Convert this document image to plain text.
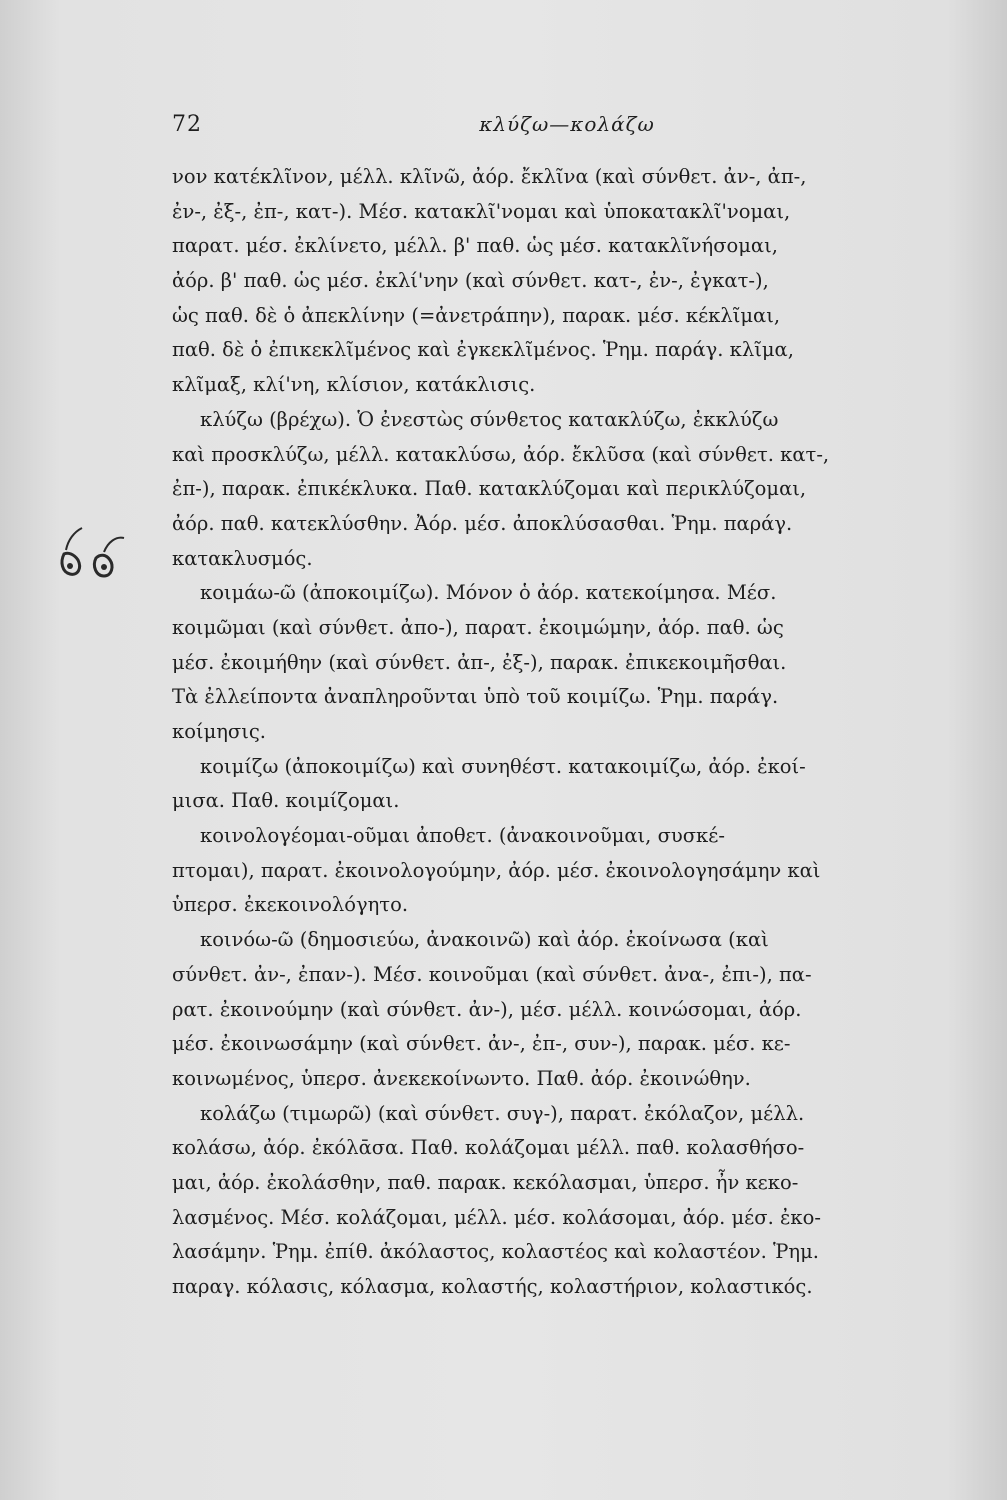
72	κλύζω—κολάζω
νον κατέκλῖνον, μέλλ. κλῖνῶ, ἀόρ. ἔκλῖνα (καὶ σύνθετ. ἀν-, ἀπ-,
ἐν-, ἐξ-, ἐπ-, κατ-). Μέσ. κατακλῖ'νομαι καὶ ὑποκατακλῖ'νομαι,
παρατ. μέσ. ἐκλίνετο, μέλλ. β' παθ. ὡς μέσ. κατακλῖνήσομαι,
ἀόρ. β' παθ. ὡς μέσ. ἐκλί'νην (καὶ σύνθετ. κατ-, ἐν-, ἐγκατ-),
ὡς παθ. δὲ ὁ ἀπεκλίνην (=ἀνετράπην), παρακ. μέσ. κέκλῖμαι,
παθ. δὲ ὁ ἐπικεκλῖμένος καὶ ἐγκεκλῖμένος. Ῥημ. παράγ. κλῖμα,
κλῖμαξ, κλί'νη, κλίσιον, κατάκλισις.
κλύζω (βρέχω). Ὁ ἐνεστὼς σύνθετος κατακλύζω, ἐκκλύζω
καὶ προσκλύζω, μέλλ. κατακλύσω, ἀόρ. ἔκλῦσα (καὶ σύνθετ. κατ-,
ἐπ-), παρακ. ἐπικέκλυκα. Παθ. κατακλύζομαι καὶ περικλύζομαι,
ἀόρ. παθ. κατεκλύσθην. Ἀόρ. μέσ. ἀποκλύσασθαι. Ῥημ. παράγ.
κατακλυσμός.
κοιμάω-ῶ (ἀποκοιμίζω). Μόνον ὁ ἀόρ. κατεκοίμησα. Μέσ.
κοιμῶμαι (καὶ σύνθετ. ἀπο-), παρατ. ἐκοιμώμην, ἀόρ. παθ. ὡς
μέσ. ἐκοιμήθην (καὶ σύνθετ. ἀπ-, ἐξ-), παρακ. ἐπικεκοιμῆσθαι.
Τὰ ἐλλείποντα ἀναπληροῦνται ὑπὸ τοῦ κοιμίζω. Ῥημ. παράγ.
κοίμησις.
κοιμίζω (ἀποκοιμίζω) καὶ συνηθέστ. κατακοιμίζω, ἀόρ. ἐκοί-
μισα. Παθ. κοιμίζομαι.
κοινολογέομαι-οῦμαι ἀποθετ. (ἀνακοινοῦμαι, συσκέ-
πτομαι), παρατ. ἐκοινολογούμην, ἀόρ. μέσ. ἐκοινολογησάμην καὶ
ὑπερσ. ἐκεκοινολόγητο.
κοινόω-ῶ (δημοσιεύω, ἀνακοινῶ) καὶ ἀόρ. ἐκοίνωσα (καὶ
σύνθετ. ἀν-, ἐπαν-). Μέσ. κοινοῦμαι (καὶ σύνθετ. ἀνα-, ἐπι-), πα-
ρατ. ἐκοινούμην (καὶ σύνθετ. ἀν-), μέσ. μέλλ. κοινώσομαι, ἀόρ.
μέσ. ἐκοινωσάμην (καὶ σύνθετ. ἀν-, ἐπ-, συν-), παρακ. μέσ. κε-
κοινωμένος, ὑπερσ. ἀνεκεκοίνωντο. Παθ. ἀόρ. ἐκοινώθην.
κολάζω (τιμωρῶ) (καὶ σύνθετ. συγ-), παρατ. ἐκόλαζον, μέλλ.
κολάσω, ἀόρ. ἐκόλᾱσα. Παθ. κολάζομαι μέλλ. παθ. κολασθήσο-
μαι, ἀόρ. ἐκολάσθην, παθ. παρακ. κεκόλασμαι, ὑπερσ. ἦν κεκο-
λασμένος. Μέσ. κολάζομαι, μέλλ. μέσ. κολάσομαι, ἀόρ. μέσ. ἐκο-
λασάμην. Ῥημ. ἐπίθ. ἀκόλαστος, κολαστέος καὶ κολαστέον. Ῥημ.
παραγ. κόλασις, κόλασμα, κολαστής, κολαστήριον, κολαστικός.
